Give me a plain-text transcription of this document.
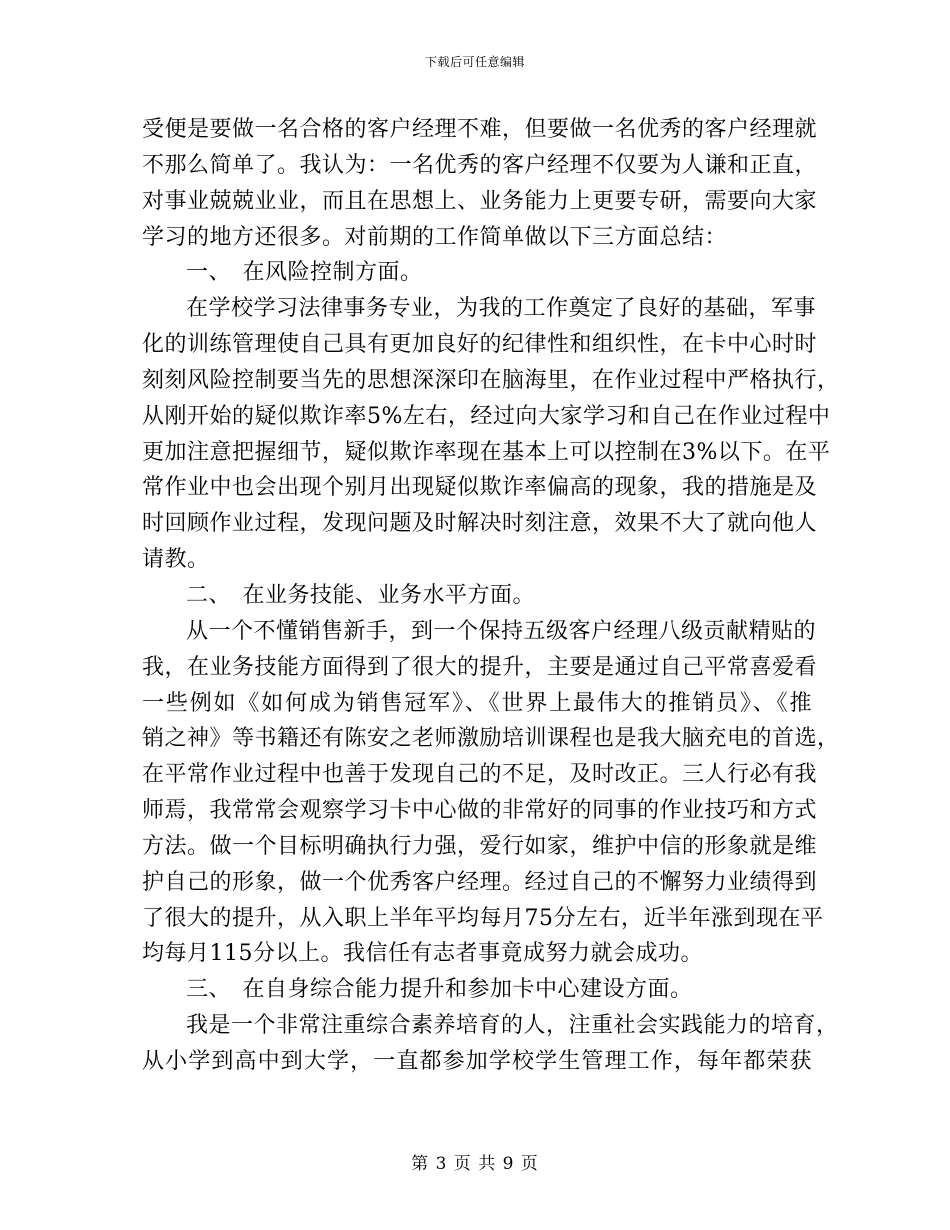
下载后可任意编辑
受便是要做一名合格的客户经理不难，但要做一名优秀的客户经理就
不那么简单了。我认为：一名优秀的客户经理不仅要为人谦和正直，
对事业兢兢业业，而且在思想上、业务能力上更要专研，需要向大家
学习的地方还很多。对前期的工作简单做以下三方面总结：
一、　在风险控制方面。
在学校学习法律事务专业，为我的工作奠定了良好的基础，军事
化的训练管理使自己具有更加良好的纪律性和组织性，在卡中心时时
刻刻风险控制要当先的思想深深印在脑海里，在作业过程中严格执行，
从刚开始的疑似欺诈率5%左右，经过向大家学习和自己在作业过程中
更加注意把握细节，疑似欺诈率现在基本上可以控制在3%以下。在平
常作业中也会出现个别月出现疑似欺诈率偏高的现象，我的措施是及
时回顾作业过程，发现问题及时解决时刻注意，效果不大了就向他人
请教。
二、　在业务技能、业务水平方面。
从一个不懂销售新手，到一个保持五级客户经理八级贡献精贴的
我，在业务技能方面得到了很大的提升，主要是通过自己平常喜爱看
一些例如《如何成为销售冠军》、《世界上最伟大的推销员》、《推
销之神》等书籍还有陈安之老师激励培训课程也是我大脑充电的首选，
在平常作业过程中也善于发现自己的不足，及时改正。三人行必有我
师焉，我常常会观察学习卡中心做的非常好的同事的作业技巧和方式
方法。做一个目标明确执行力强，爱行如家，维护中信的形象就是维
护自己的形象，做一个优秀客户经理。经过自己的不懈努力业绩得到
了很大的提升，从入职上半年平均每月75分左右，近半年涨到现在平
均每月115分以上。我信任有志者事竟成努力就会成功。
三、　在自身综合能力提升和参加卡中心建设方面。
我是一个非常注重综合素养培育的人，注重社会实践能力的培育，
从小学到高中到大学，一直都参加学校学生管理工作，每年都荣获
第 3 页 共 9 页
